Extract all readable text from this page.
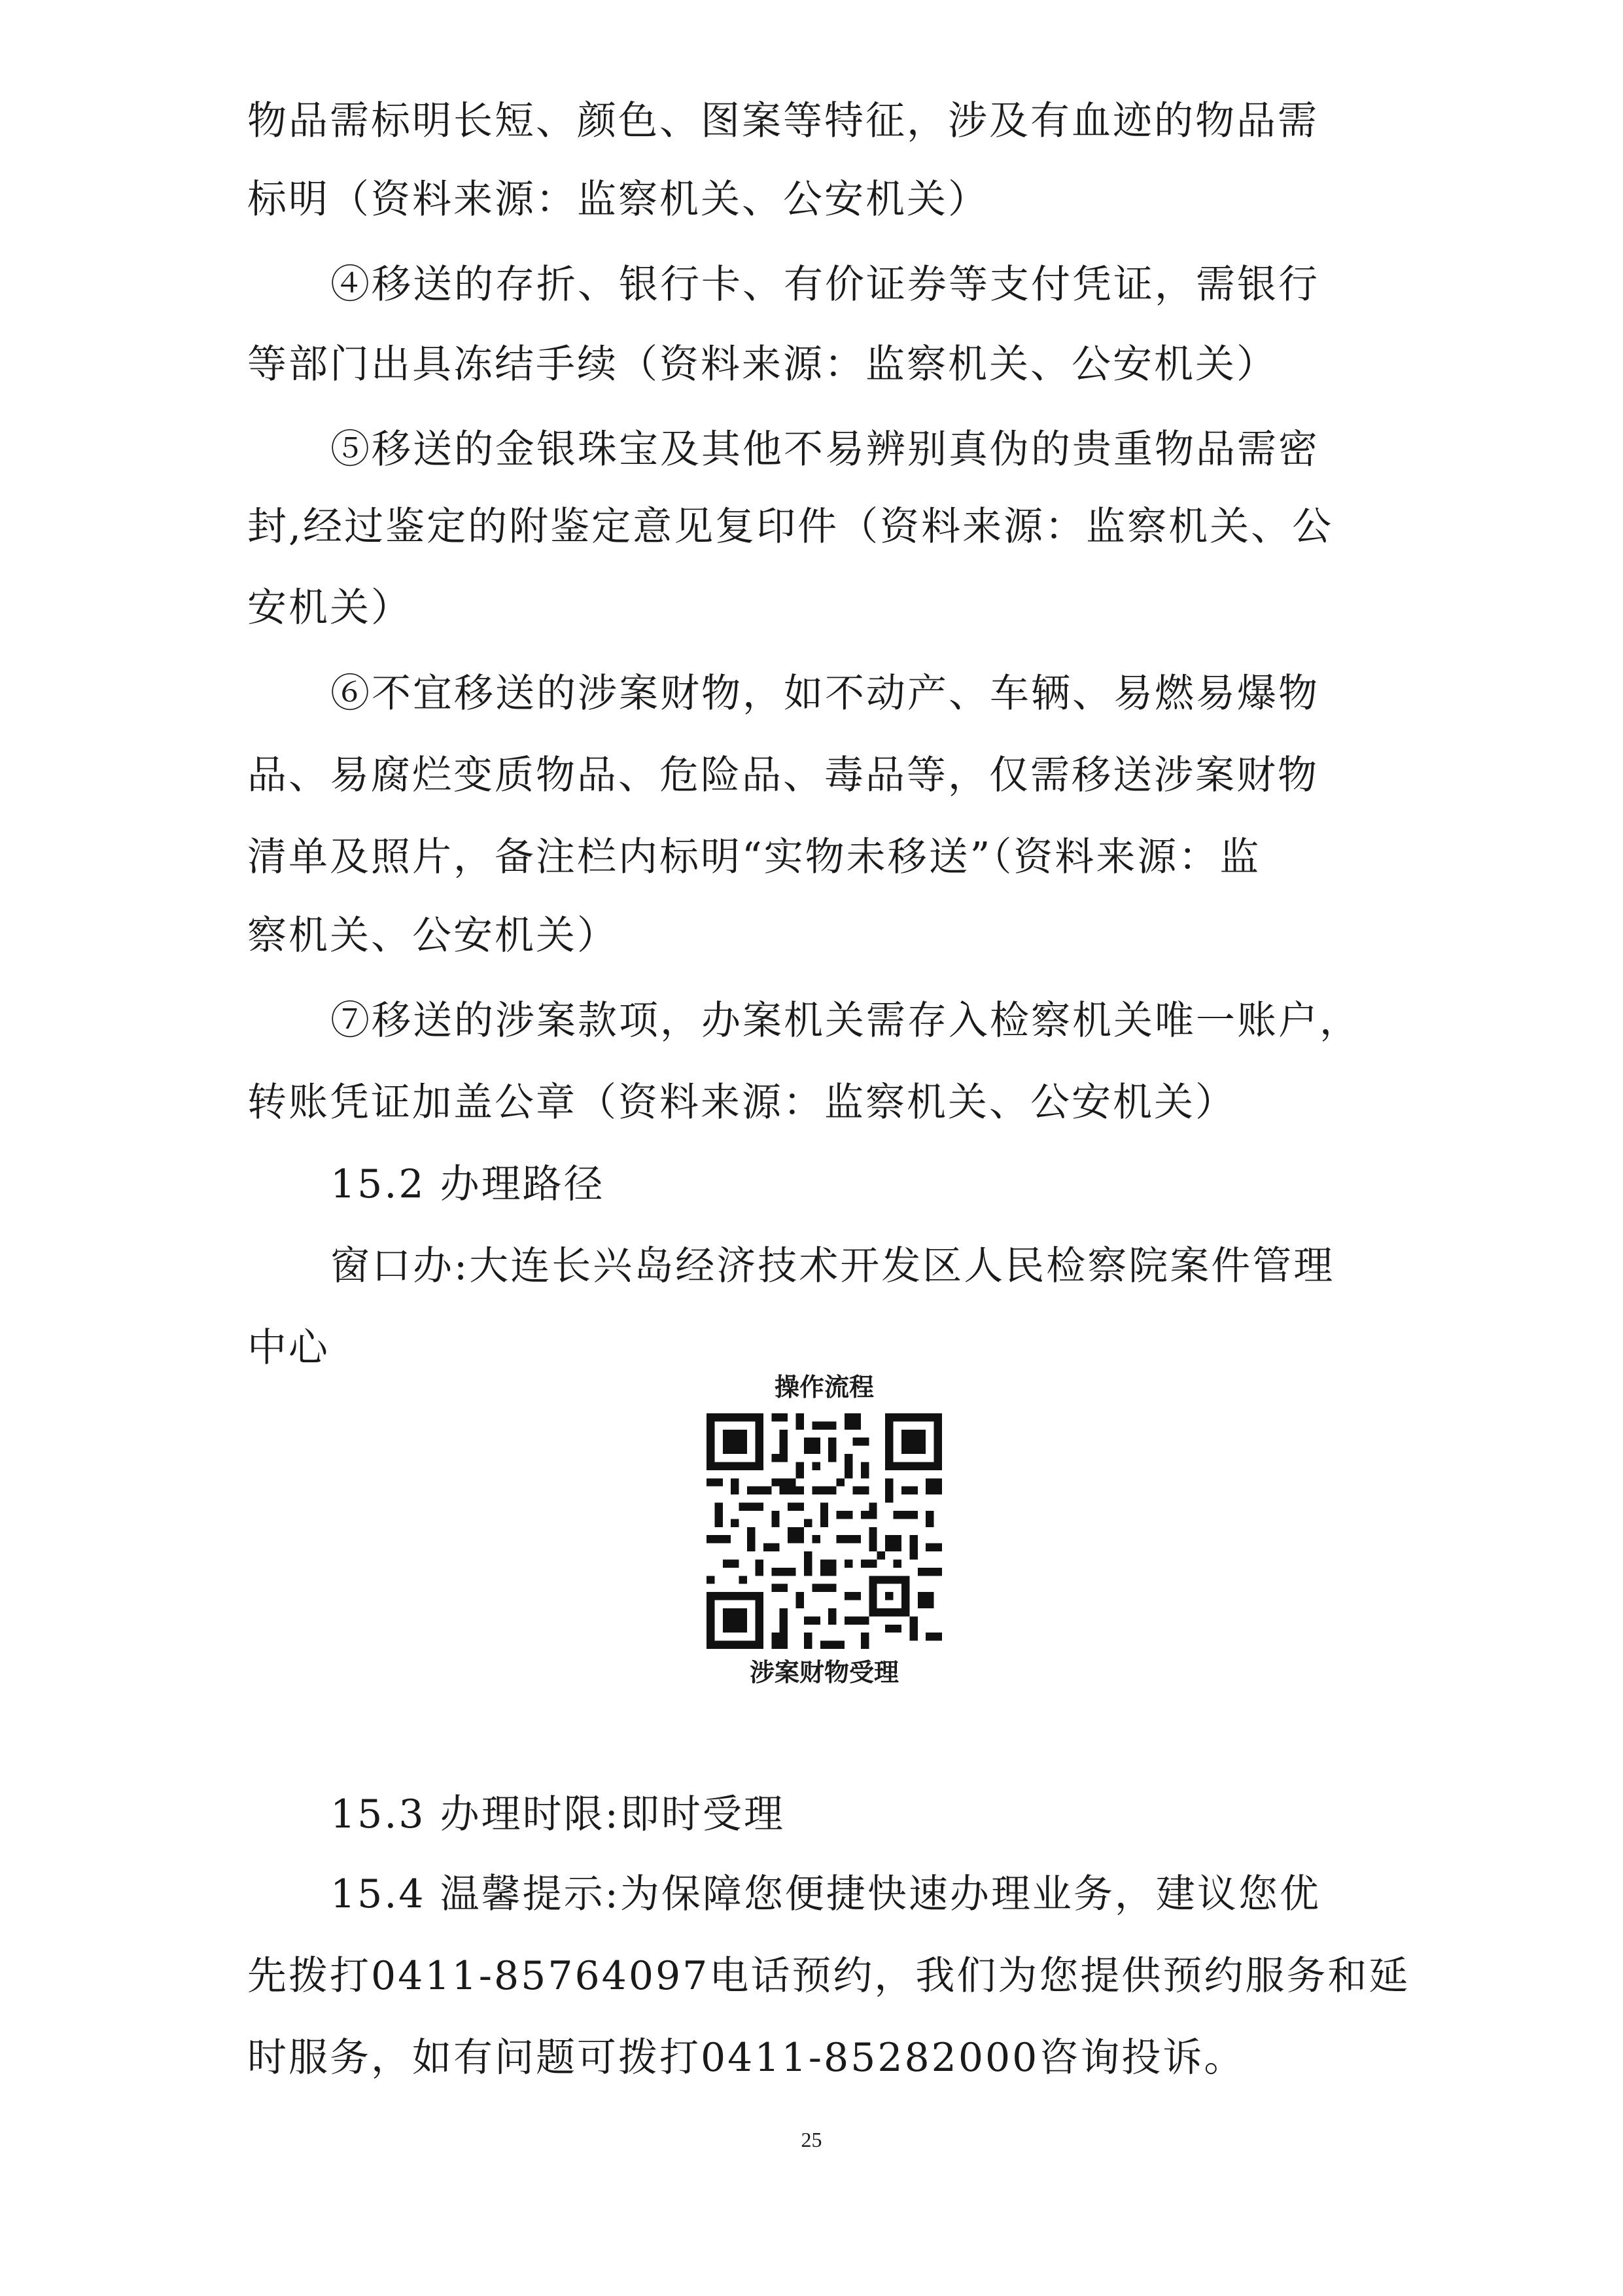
物品需标明长短、颜色、图案等特征，涉及有血迹的物品需

标明（资料来源：监察机关、公安机关）

④移送的存折、银行卡、有价证券等支付凭证，需银行

等部门出具冻结手续（资料来源：监察机关、公安机关）

⑤移送的金银珠宝及其他不易辨别真伪的贵重物品需密

封,经过鉴定的附鉴定意见复印件（资料来源：监察机关、公

安机关）

⑥不宜移送的涉案财物，如不动产、车辆、易燃易爆物

品、易腐烂变质物品、危险品、毒品等，仅需移送涉案财物

清单及照片，备注栏内标明“实物未移送”（资料来源：监

察机关、公安机关）

⑦移送的涉案款项，办案机关需存入检察机关唯一账户，

转账凭证加盖公章（资料来源：监察机关、公安机关）

15.2 办理路径

窗口办:大连长兴岛经济技术开发区人民检察院案件管理

中心

操作流程
涉案财物受理

15.3 办理时限:即时受理

15.4 温馨提示:为保障您便捷快速办理业务，建议您优

先拨打0411-85764097电话预约，我们为您提供预约服务和延

时服务，如有问题可拨打0411-85282000咨询投诉。

25
